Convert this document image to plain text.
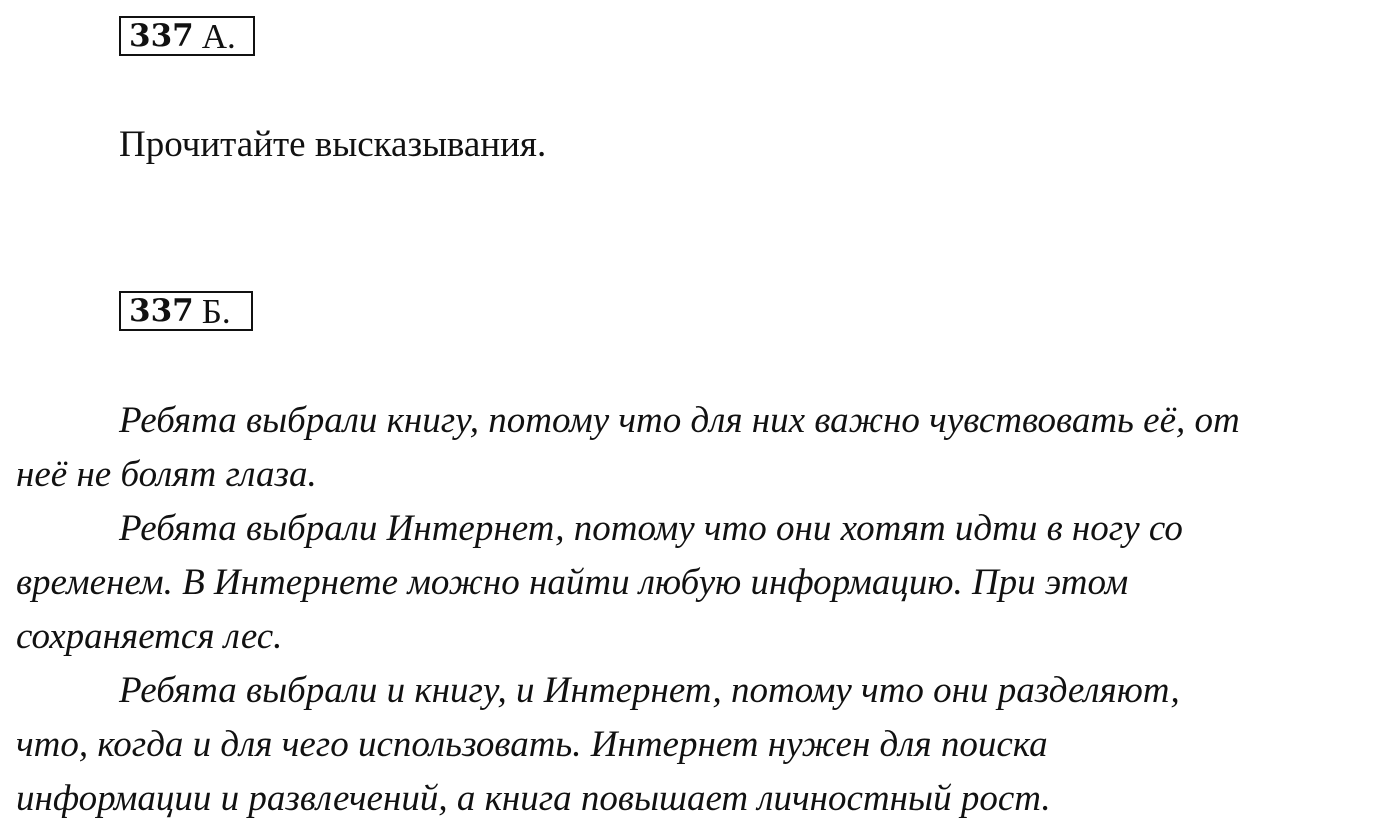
337 А.
Прочитайте высказывания.
337 Б.

Ребята выбрали книгу, потому что для них важно чувствовать её, от
неё не болят глаза.

Ребята выбрали Интернет, потому что они хотят идти в ногу со
временем. В Интернете можно найти любую информацию. При этом
сохраняется лес.

Ребята выбрали и книгу, и Интернет, потому что они разделяют,
что, когда и для чего использовать. Интернет нужен для поиска
информации и развлечений, а книга повышает личностный рост.
